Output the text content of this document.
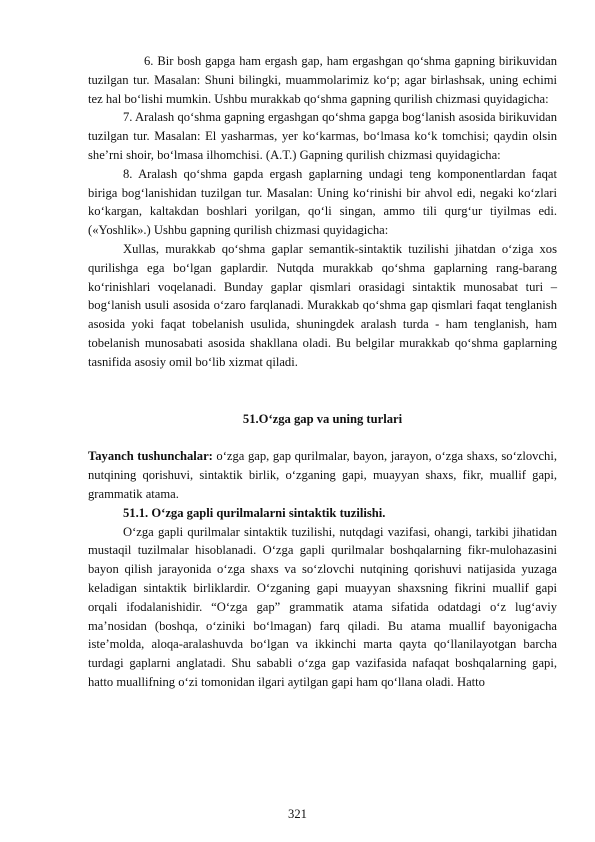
6. Bir bosh gapga ham ergash gap, ham ergashgan qo‘shma gapning birikuvidan tuzilgan tur. Masalan: Shuni bilingki, muammolarimiz ko‘p; agar birlashsak, uning echimi tez hal bo‘lishi mumkin. Ushbu murakkab qo‘shma gapning qurilish chizmasi quyidagicha:

7. Aralash qo‘shma gapning ergashgan qo‘shma gapga bog‘lanish asosida birikuvidan tuzilgan tur. Masalan: El yasharmas, yer ko‘karmas, bo‘lmasa ko‘k tomchisi; qaydin olsin she’rni shoir, bo‘lmasa ilhomchisi. (A.T.) Gapning qurilish chizmasi quyidagicha:

8. Aralash qo‘shma gapda ergash gaplarning undagi teng komponentlardan faqat biriga bog‘lanishidan tuzilgan tur. Masalan: Uning ko‘rinishi bir ahvol edi, negaki ko‘zlari ko‘kargan, kaltakdan boshlari yorilgan, qo‘li singan, ammo tili qurg‘ur tiyilmas edi. («Yoshlik».) Ushbu gapning qurilish chizmasi quyidagicha:

Xullas, murakkab qo‘shma gaplar semantik-sintaktik tuzilishi jihatdan o‘ziga xos qurilishga ega bo‘lgan gaplardir. Nutqda murakkab qo‘shma gaplarning rang-barang ko‘rinishlari voqelanadi. Bunday gaplar qismlari orasidagi sintaktik munosabat turi – bog‘lanish usuli asosida o‘zaro farqlanadi. Murakkab qo‘shma gap qismlari faqat tenglanish asosida yoki faqat tobelanish usulida, shuningdek aralash turda - ham tenglanish, ham tobelanish munosabati asosida shakllana oladi. Bu belgilar murakkab qo‘shma gaplarning tasnifida asosiy omil bo‘lib xizmat qiladi.

51.O‘zga gap va uning turlari

Tayanch tushunchalar: o‘zga gap, gap qurilmalar, bayon, jarayon, o‘zga shaxs, so‘zlovchi, nutqining qorishuvi, sintaktik birlik, o‘zganing gapi, muayyan shaxs, fikr, muallif gapi, grammatik atama.

51.1. O‘zga gapli qurilmalarni sintaktik tuzilishi.

O‘zga gapli qurilmalar sintaktik tuzilishi, nutqdagi vazifasi, ohangi, tarkibi jihatidan mustaqil tuzilmalar hisoblanadi. O‘zga gapli qurilmalar boshqalarning fikr-mulohazasini bayon qilish jarayonida o‘zga shaxs va so‘zlovchi nutqining qorishuvi natijasida yuzaga keladigan sintaktik birliklardir. O‘zganing gapi muayyan shaxsning fikrini muallif gapi orqali ifodalanishidir. “O‘zga gap” grammatik atama sifatida odatdagi o‘z lug‘aviy ma’nosidan (boshqa, o‘ziniki bo‘lmagan) farq qiladi. Bu atama muallif bayonigacha iste’molda, aloqa-aralashuvda bo‘lgan va ikkinchi marta qayta qo‘llanilayotgan barcha turdagi gaplarni anglatadi. Shu sababli o‘zga gap vazifasida nafaqat boshqalarning gapi, hatto muallifning o‘zi tomonidan ilgari aytilgan gapi ham qo‘llana oladi. Hatto

321
